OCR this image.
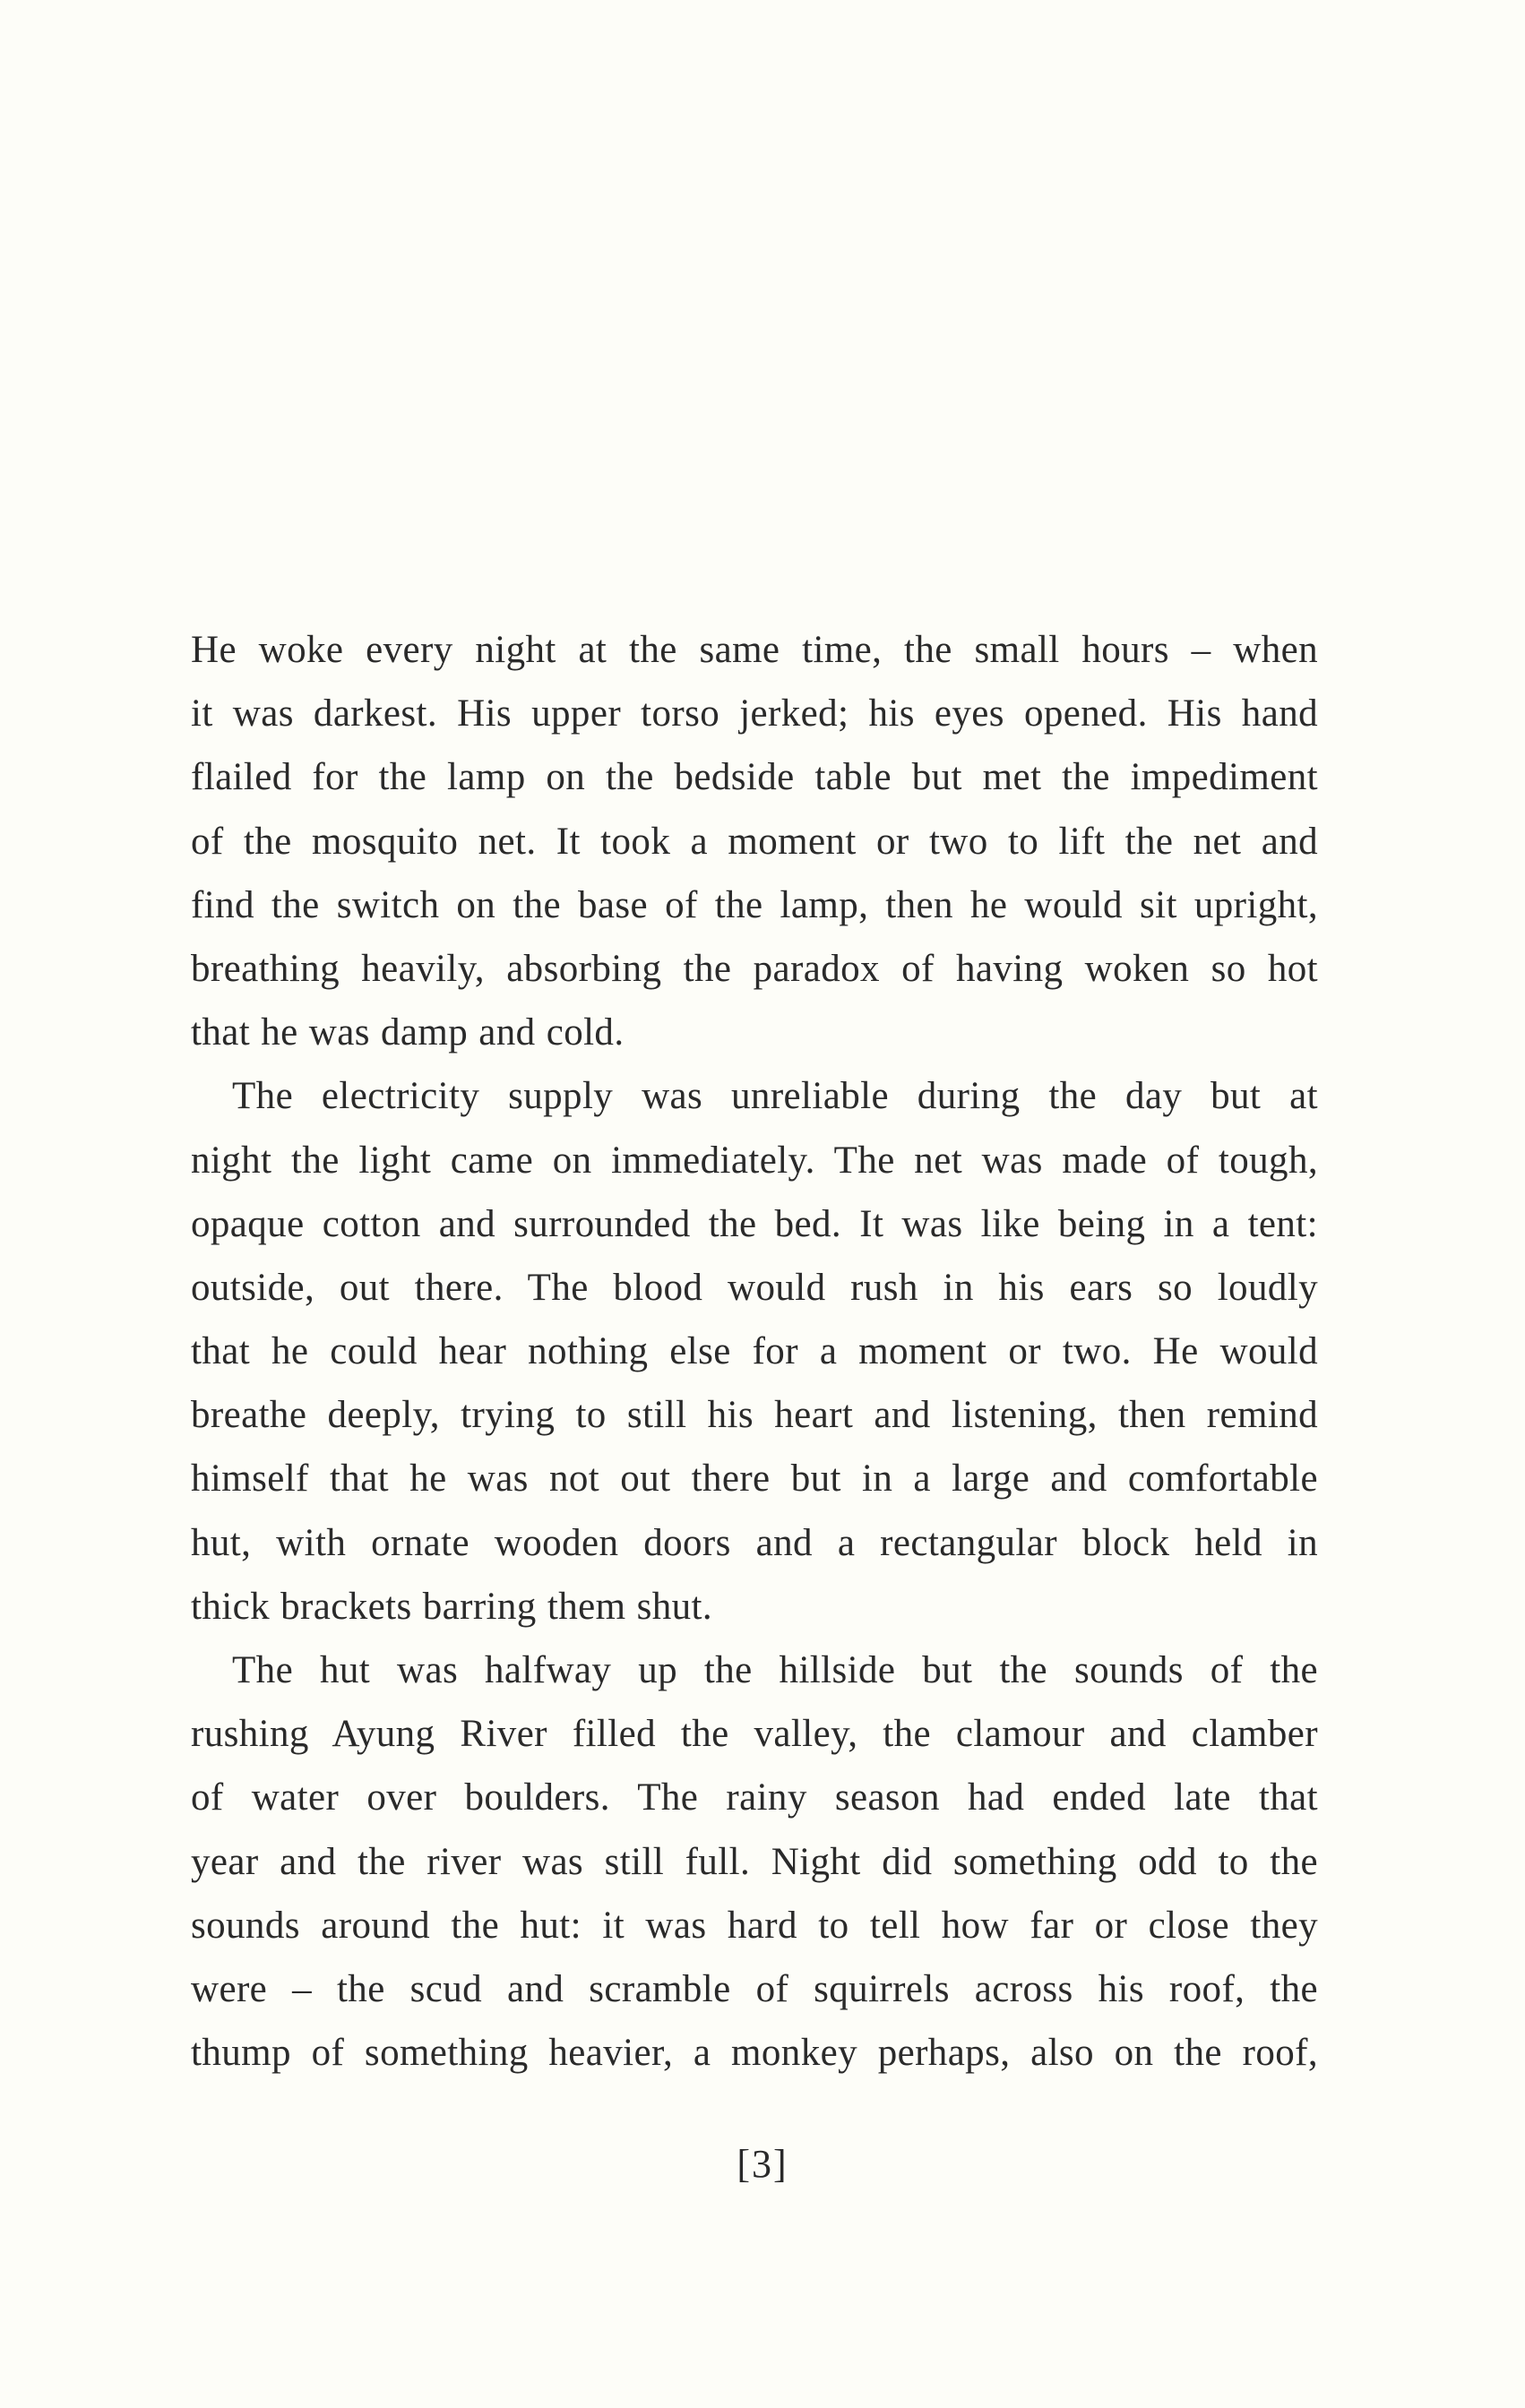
He woke every night at the same time, the small hours – when
it was darkest. His upper torso jerked; his eyes opened. His hand
flailed for the lamp on the bedside table but met the impediment
of the mosquito net. It took a moment or two to lift the net and
find the switch on the base of the lamp, then he would sit upright,
breathing heavily, absorbing the paradox of having woken so hot
that he was damp and cold.

The electricity supply was unreliable during the day but at
night the light came on immediately. The net was made of tough,
opaque cotton and surrounded the bed. It was like being in a tent:
outside, out there. The blood would rush in his ears so loudly
that he could hear nothing else for a moment or two. He would
breathe deeply, trying to still his heart and listening, then remind
himself that he was not out there but in a large and comfortable
hut, with ornate wooden doors and a rectangular block held in
thick brackets barring them shut.

The hut was halfway up the hillside but the sounds of the
rushing Ayung River filled the valley, the clamour and clamber
of water over boulders. The rainy season had ended late that
year and the river was still full. Night did something odd to the
sounds around the hut: it was hard to tell how far or close they
were – the scud and scramble of squirrels across his roof, the
thump of something heavier, a monkey perhaps, also on the roof,

[3]
